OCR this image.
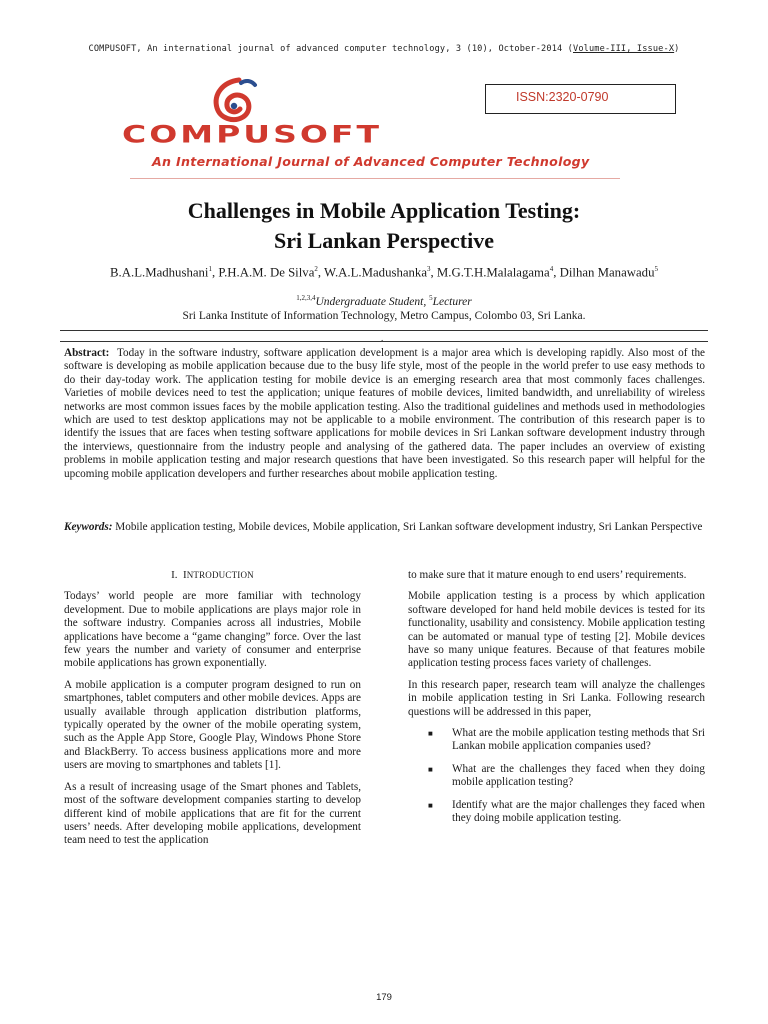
COMPUSOFT, An international journal of advanced computer technology, 3 (10), October-2014 (Volume-III, Issue-X)
ISSN:2320-0790
COMPUSOFT
An International Journal of Advanced Computer Technology
Challenges in Mobile Application Testing:
Sri Lankan Perspective
B.A.L.Madhushani$^1$, P.H.A.M. De Silva$^2$, W.A.L.Madushanka$^3$, M.G.T.H.Malalagama$^4$, Dilhan Manawadu$^5$
$^{1,2,3,4}$Undergraduate Student, $^5$Lecturer
Sri Lanka Institute of Information Technology, Metro Campus, Colombo 03, Sri Lanka.
.
Abstract: Today in the software industry, software application development is a major area which is developing rapidly. Also most of the software is developing as mobile application because due to the busy life style, most of the people in the world prefer to use easy methods to do their day-today work. The application testing for mobile device is an emerging research area that most commonly faces challenges. Varieties of mobile devices need to test the application; unique features of mobile devices, limited bandwidth, and unreliability of wireless networks are most common issues faces by the mobile application testing. Also the traditional guidelines and methods used in methodologies which are used to test desktop applications may not be applicable to a mobile environment. The contribution of this research paper is to identify the issues that are faces when testing software applications for mobile devices in Sri Lankan software development industry through the interviews, questionnaire from the industry people and analysing of the gathered data. The paper includes an overview of existing problems in mobile application testing and major research questions that have been investigated. So this research paper will helpful for the upcoming mobile application developers and further researches about mobile application testing.
Keywords: Mobile application testing, Mobile devices, Mobile application, Sri Lankan software development industry, Sri Lankan Perspective
I. INTRODUCTION

Todays’ world people are more familiar with technology development. Due to mobile applications are plays major role in the software industry. Companies across all industries, Mobile applications have become a “game changing” force. Over the last few years the number and variety of consumer and enterprise mobile applications has grown exponentially.

A mobile application is a computer program designed to run on smartphones, tablet computers and other mobile devices. Apps are usually available through application distribution platforms, typically operated by the owner of the mobile operating system, such as the Apple App Store, Google Play, Windows Phone Store and BlackBerry. To access business applications more and more users are moving to smartphones and tablets [1].

As a result of increasing usage of the Smart phones and Tablets, most of the software development companies starting to develop different kind of mobile applications that are fit for the current users’ needs. After developing mobile applications, development team need to test the application

to make sure that it mature enough to end users’ requirements.

Mobile application testing is a process by which application software developed for hand held mobile devices is tested for its functionality, usability and consistency. Mobile application testing can be automated or manual type of testing [2]. Mobile devices have so many unique features. Because of that features mobile application testing process faces variety of challenges.

In this research paper, research team will analyze the challenges in mobile application testing in Sri Lanka. Following research questions will be addressed in this paper,

■ What are the mobile application testing methods that Sri Lankan mobile application companies used?
■ What are the challenges they faced when they doing mobile application testing?
■ Identify what are the major challenges they faced when they doing mobile application testing.
179
